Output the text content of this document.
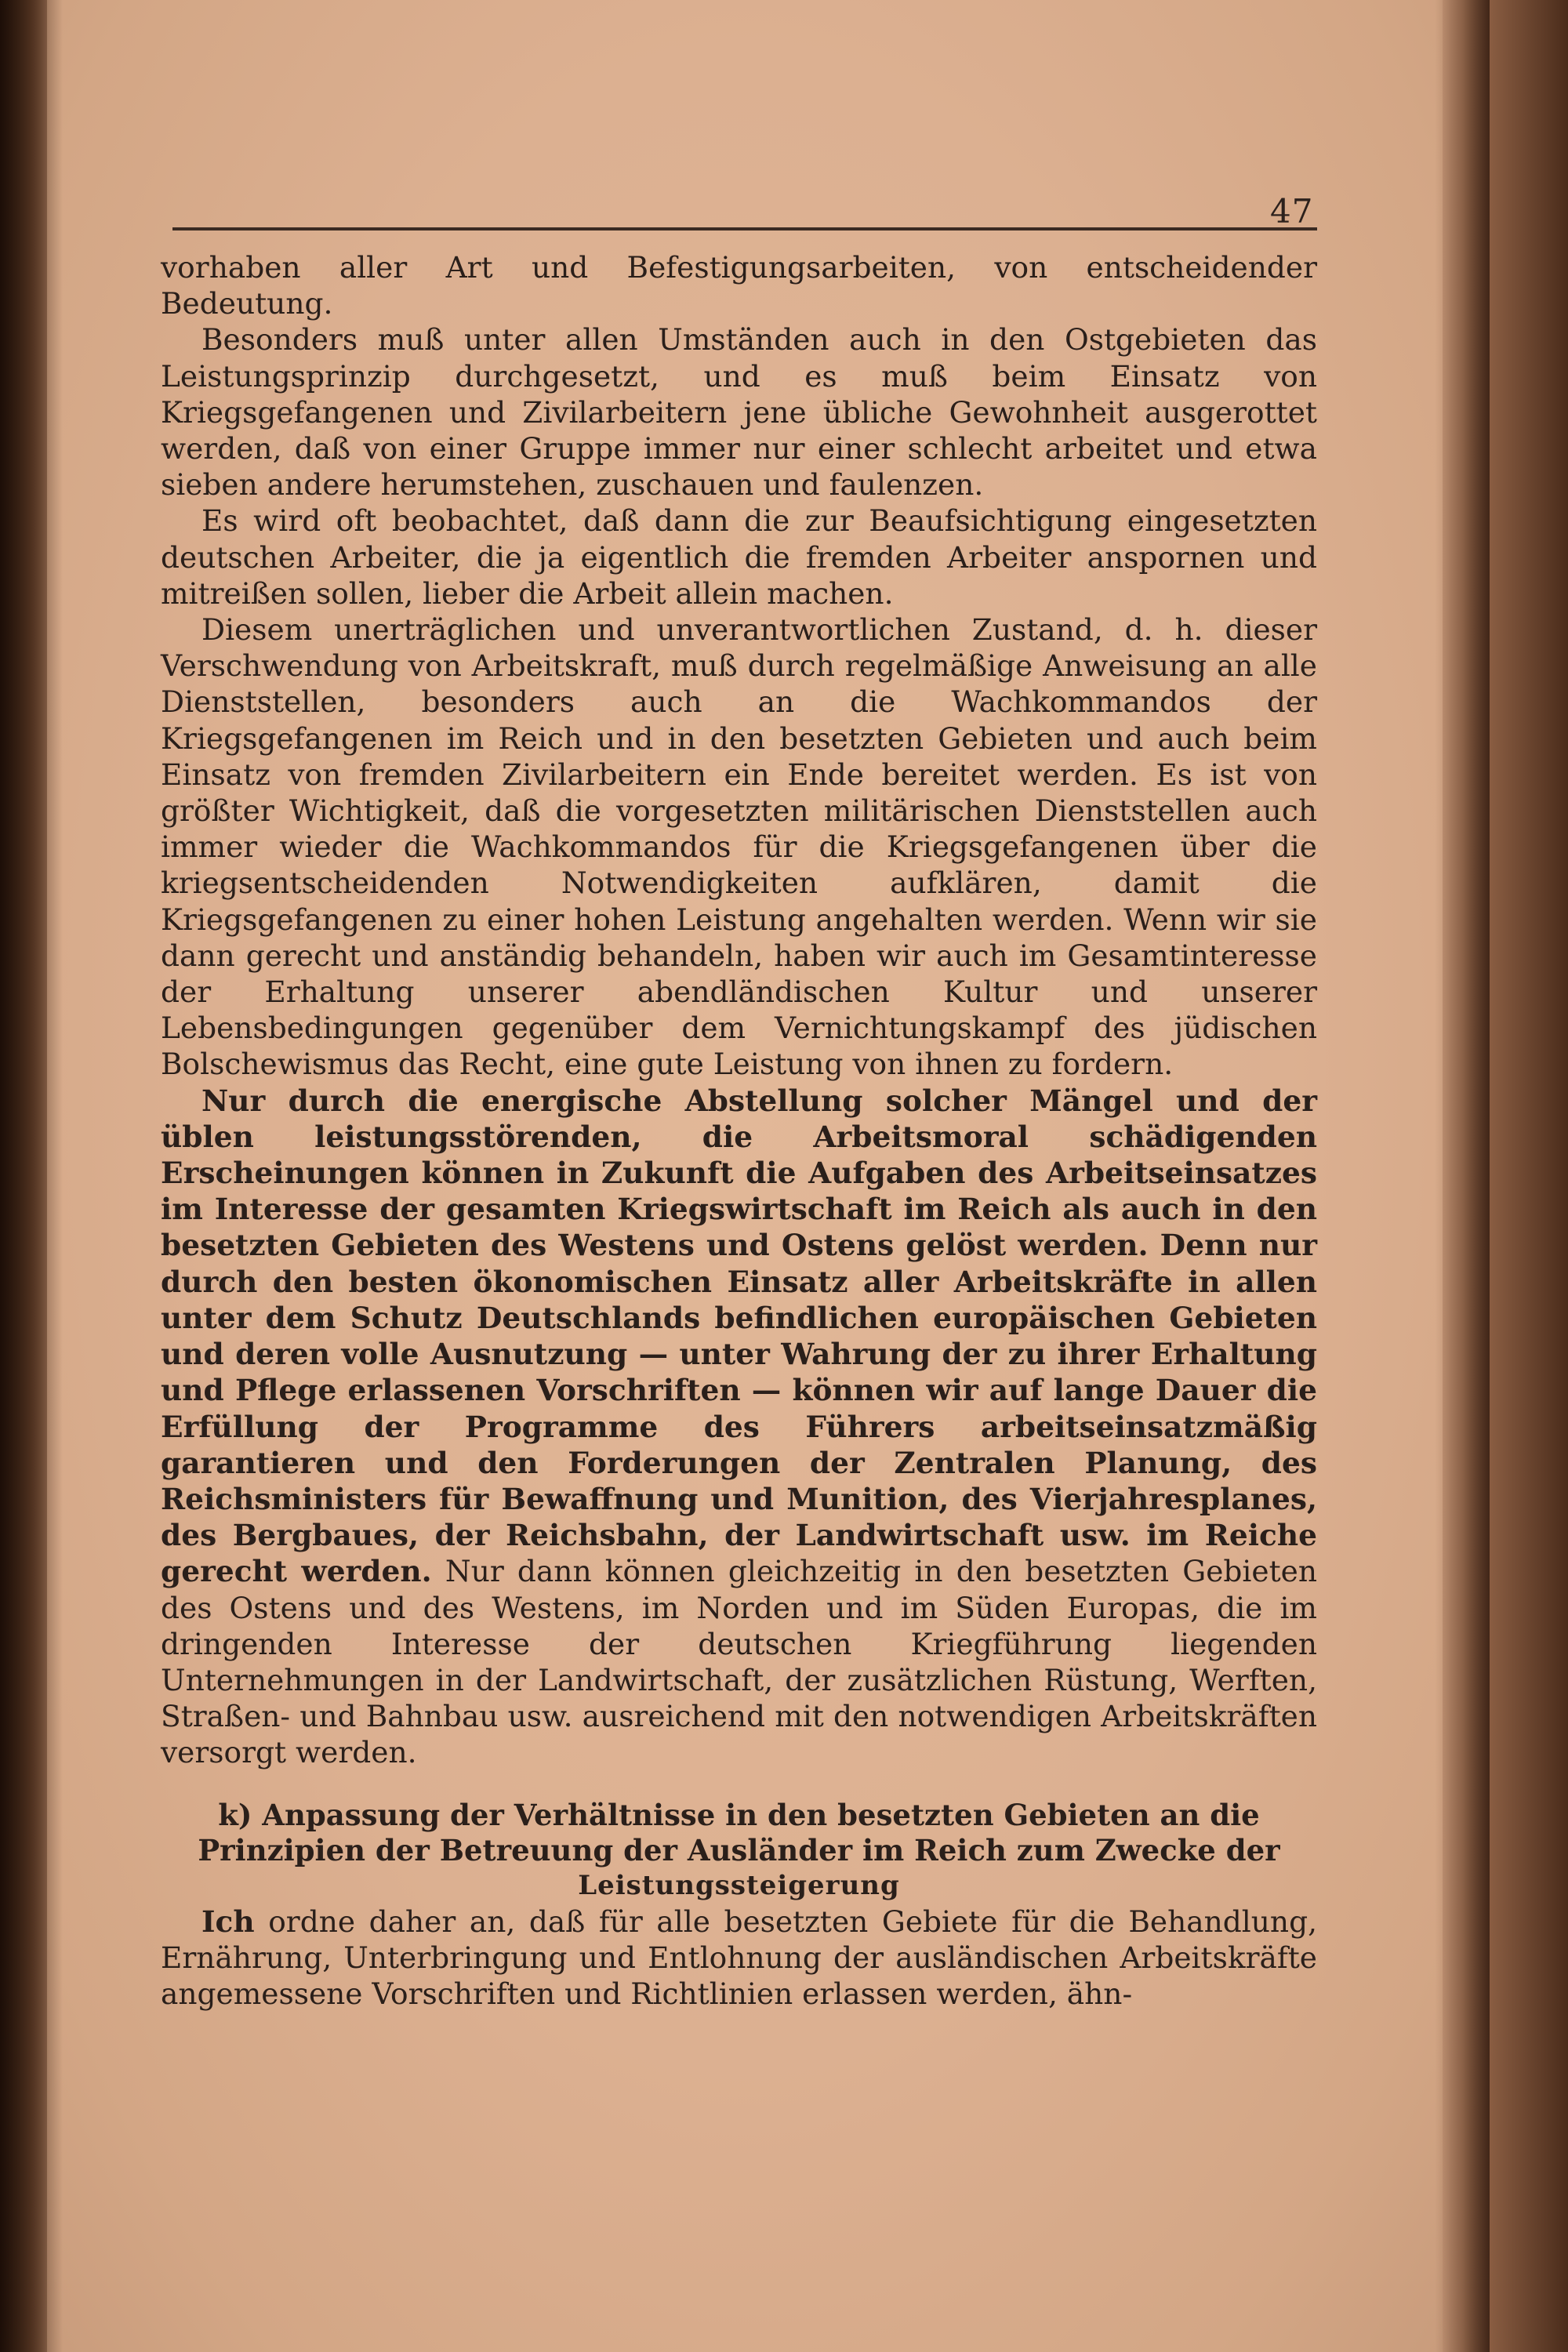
47

vorhaben aller Art und Befestigungsarbeiten, von entscheidender Bedeutung.

Besonders muß unter allen Umständen auch in den Ostgebieten das Leistungsprinzip durchgesetzt, und es muß beim Einsatz von Kriegsgefangenen und Zivilarbeitern jene übliche Gewohnheit ausgerottet werden, daß von einer Gruppe immer nur einer schlecht arbeitet und etwa sieben andere herumstehen, zuschauen und faulenzen.

Es wird oft beobachtet, daß dann die zur Beaufsichtigung eingesetzten deutschen Arbeiter, die ja eigentlich die fremden Arbeiter anspornen und mitreißen sollen, lieber die Arbeit allein machen.

Diesem unerträglichen und unverantwortlichen Zustand, d. h. dieser Verschwendung von Arbeitskraft, muß durch regelmäßige Anweisung an alle Dienststellen, besonders auch an die Wachkommandos der Kriegsgefangenen im Reich und in den besetzten Gebieten und auch beim Einsatz von fremden Zivilarbeitern ein Ende bereitet werden. Es ist von größter Wichtigkeit, daß die vorgesetzten militärischen Dienststellen auch immer wieder die Wachkommandos für die Kriegsgefangenen über die kriegsentscheidenden Notwendigkeiten aufklären, damit die Kriegsgefangenen zu einer hohen Leistung angehalten werden. Wenn wir sie dann gerecht und anständig behandeln, haben wir auch im Gesamtinteresse der Erhaltung unserer abendländischen Kultur und unserer Lebensbedingungen gegenüber dem Vernichtungskampf des jüdischen Bolschewismus das Recht, eine gute Leistung von ihnen zu fordern.

Nur durch die energische Abstellung solcher Mängel und der üblen leistungsstörenden, die Arbeitsmoral schädigenden Erscheinungen können in Zukunft die Aufgaben des Arbeitseinsatzes im Interesse der gesamten Kriegswirtschaft im Reich als auch in den besetzten Gebieten des Westens und Ostens gelöst werden. Denn nur durch den besten ökonomischen Einsatz aller Arbeitskräfte in allen unter dem Schutz Deutschlands befindlichen europäischen Gebieten und deren volle Ausnutzung — unter Wahrung der zu ihrer Erhaltung und Pflege erlassenen Vorschriften — können wir auf lange Dauer die Erfüllung der Programme des Führers arbeitseinsatzmäßig garantieren und den Forderungen der Zentralen Planung, des Reichsministers für Bewaffnung und Munition, des Vierjahresplanes, des Bergbaues, der Reichsbahn, der Landwirtschaft usw. im Reiche gerecht werden. Nur dann können gleichzeitig in den besetzten Gebieten des Ostens und des Westens, im Norden und im Süden Europas, die im dringenden Interesse der deutschen Kriegführung liegenden Unternehmungen in der Landwirtschaft, der zusätzlichen Rüstung, Werften, Straßen- und Bahnbau usw. ausreichend mit den notwendigen Arbeitskräften versorgt werden.

k) Anpassung der Verhältnisse in den besetzten Gebieten an die Prinzipien der Betreuung der Ausländer im Reich zum Zwecke der
Leistungssteigerung

Ich ordne daher an, daß für alle besetzten Gebiete für die Behandlung, Ernährung, Unterbringung und Entlohnung der ausländischen Arbeitskräfte angemessene Vorschriften und Richtlinien erlassen werden, ähn-
